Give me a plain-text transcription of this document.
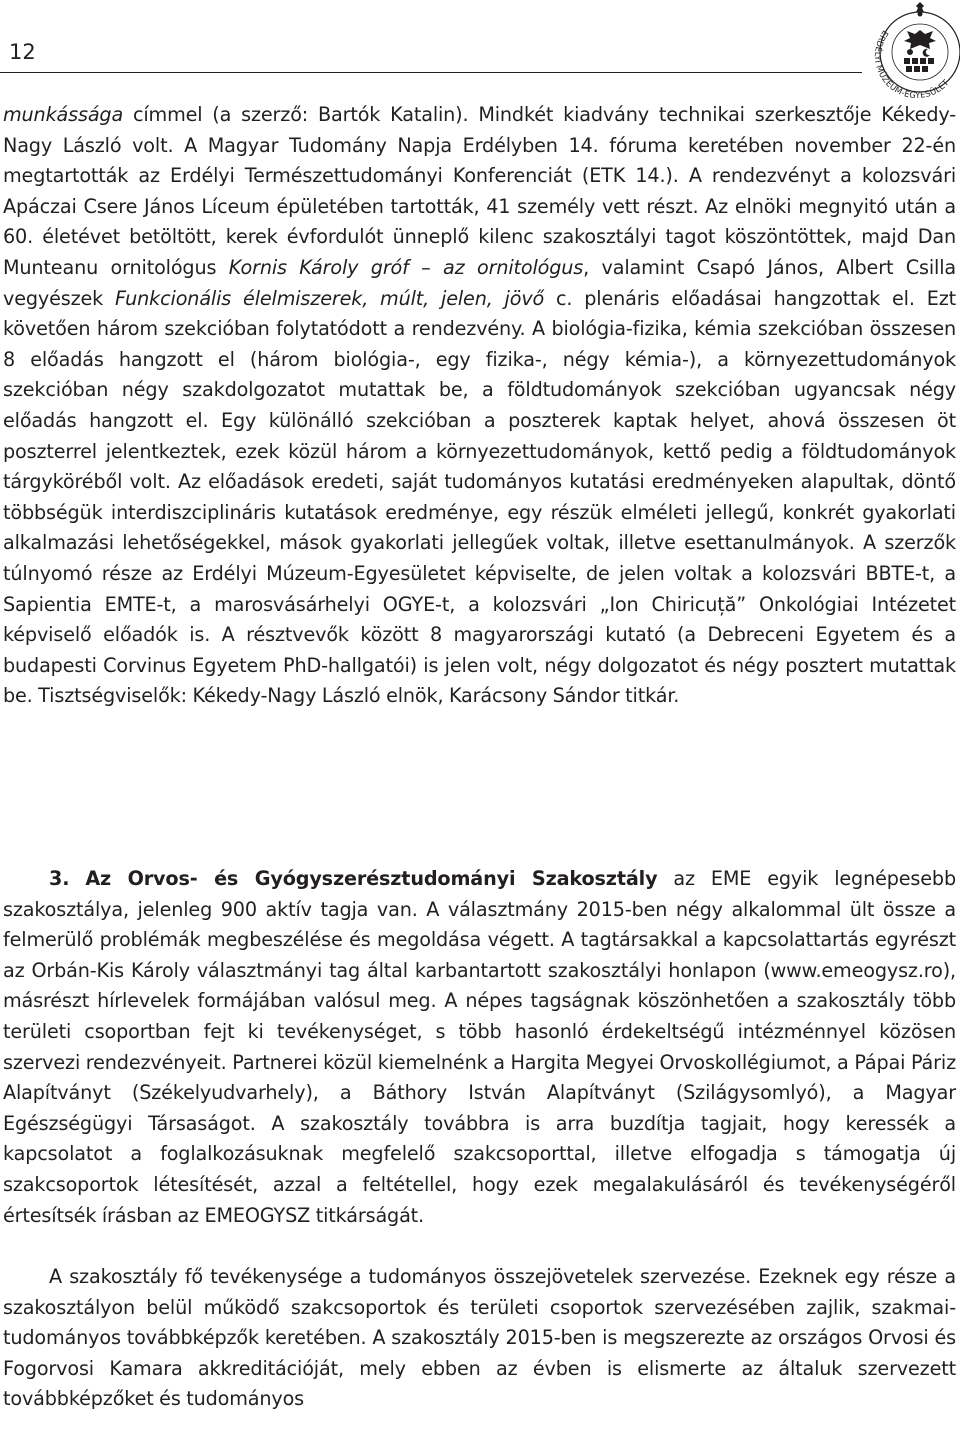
12
ERDÉLYI MÚZEUM-EGYESÜLET

munkássága címmel (a szerző: Bartók Katalin). Mindkét kiadvány technikai szerkesztője Kékedy-Nagy László volt. A Magyar Tudomány Napja Erdélyben 14. fóruma keretében november 22-én megtartották az Erdélyi Természettudományi Konferenciát (ETK 14.). A rendezvényt a kolozsvári Apáczai Csere János Líceum épületében tartották, 41 személy vett részt. Az elnöki megnyitó után a 60. életévet betöltött, kerek évfordulót ünneplő kilenc szakosztályi tagot köszöntöttek, majd Dan Munteanu ornitológus Kornis Károly gróf – az ornitológus, valamint Csapó János, Albert Csilla vegyészek Funkcionális élelmiszerek, múlt, jelen, jövő c. plenáris előadásai hangzottak el. Ezt követően három szekcióban folytatódott a rendezvény. A biológia-fizika, kémia szekcióban összesen 8 előadás hangzott el (három biológia-, egy fizika-, négy kémia-), a környezettudományok szekcióban négy szakdolgozatot mutattak be, a földtudományok szekcióban ugyancsak négy előadás hangzott el. Egy különálló szekcióban a poszterek kaptak helyet, ahová összesen öt poszterrel jelentkeztek, ezek közül három a környezettudományok, kettő pedig a földtudományok tárgyköréből volt. Az előadások eredeti, saját tudományos kutatási eredményeken alapultak, döntő többségük interdiszciplináris kutatások eredménye, egy részük elméleti jellegű, konkrét gyakorlati alkalmazási lehetőségekkel, mások gyakorlati jellegűek voltak, illetve esettanulmányok. A szerzők túlnyomó része az Erdélyi Múzeum-Egyesületet képviselte, de jelen voltak a kolozsvári BBTE-t, a Sapientia EMTE-t, a marosvásárhelyi OGYE-t, a kolozsvári „Ion Chiricuță” Onkológiai Intézetet képviselő előadók is. A résztvevők között 8 magyarországi kutató (a Debreceni Egyetem és a budapesti Corvinus Egyetem PhD-hallgatói) is jelen volt, négy dolgozatot és négy posztert mutattak be. Tisztségviselők: Kékedy-Nagy László elnök, Karácsony Sándor titkár.

3. Az Orvos- és Gyógyszerésztudományi Szakosztály az EME egyik legnépesebb szakosztálya, jelenleg 900 aktív tagja van. A választmány 2015-ben négy alkalommal ült össze a felmerülő problémák megbeszélése és megoldása végett. A tagtársakkal a kapcsolattartás egyrészt az Orbán-Kis Károly választmányi tag által karbantartott szakosztályi honlapon (www.emeogysz.ro), másrészt hírlevelek formájában valósul meg. A népes tagságnak köszönhetően a szakosztály több területi csoportban fejt ki tevékenységet, s több hasonló érdekeltségű intézménnyel közösen szervezi rendezvényeit. Partnerei közül kiemelnénk a Hargita Megyei Orvoskollégiumot, a Pápai Páriz Alapítványt (Székelyudvarhely), a Báthory István Alapítványt (Szilágysomlyó), a Magyar Egészségügyi Társaságot. A szakosztály továbbra is arra buzdítja tagjait, hogy keressék a kapcsolatot a foglalkozásuknak megfelelő szakcsoporttal, illetve elfogadja s támogatja új szakcsoportok létesítését, azzal a feltétellel, hogy ezek megalakulásáról és tevékenységéről értesítsék írásban az EMEOGYSZ titkárságát.

A szakosztály fő tevékenysége a tudományos összejövetelek szervezése. Ezeknek egy része a szakosztályon belül működő szakcsoportok és területi csoportok szervezésében zajlik, szakmai-tudományos továbbképzők keretében. A szakosztály 2015-ben is megszerezte az országos Orvosi és Fogorvosi Kamara akkreditációját, mely ebben az évben is elismerte az általuk szervezett továbbképzőket és tudományos
